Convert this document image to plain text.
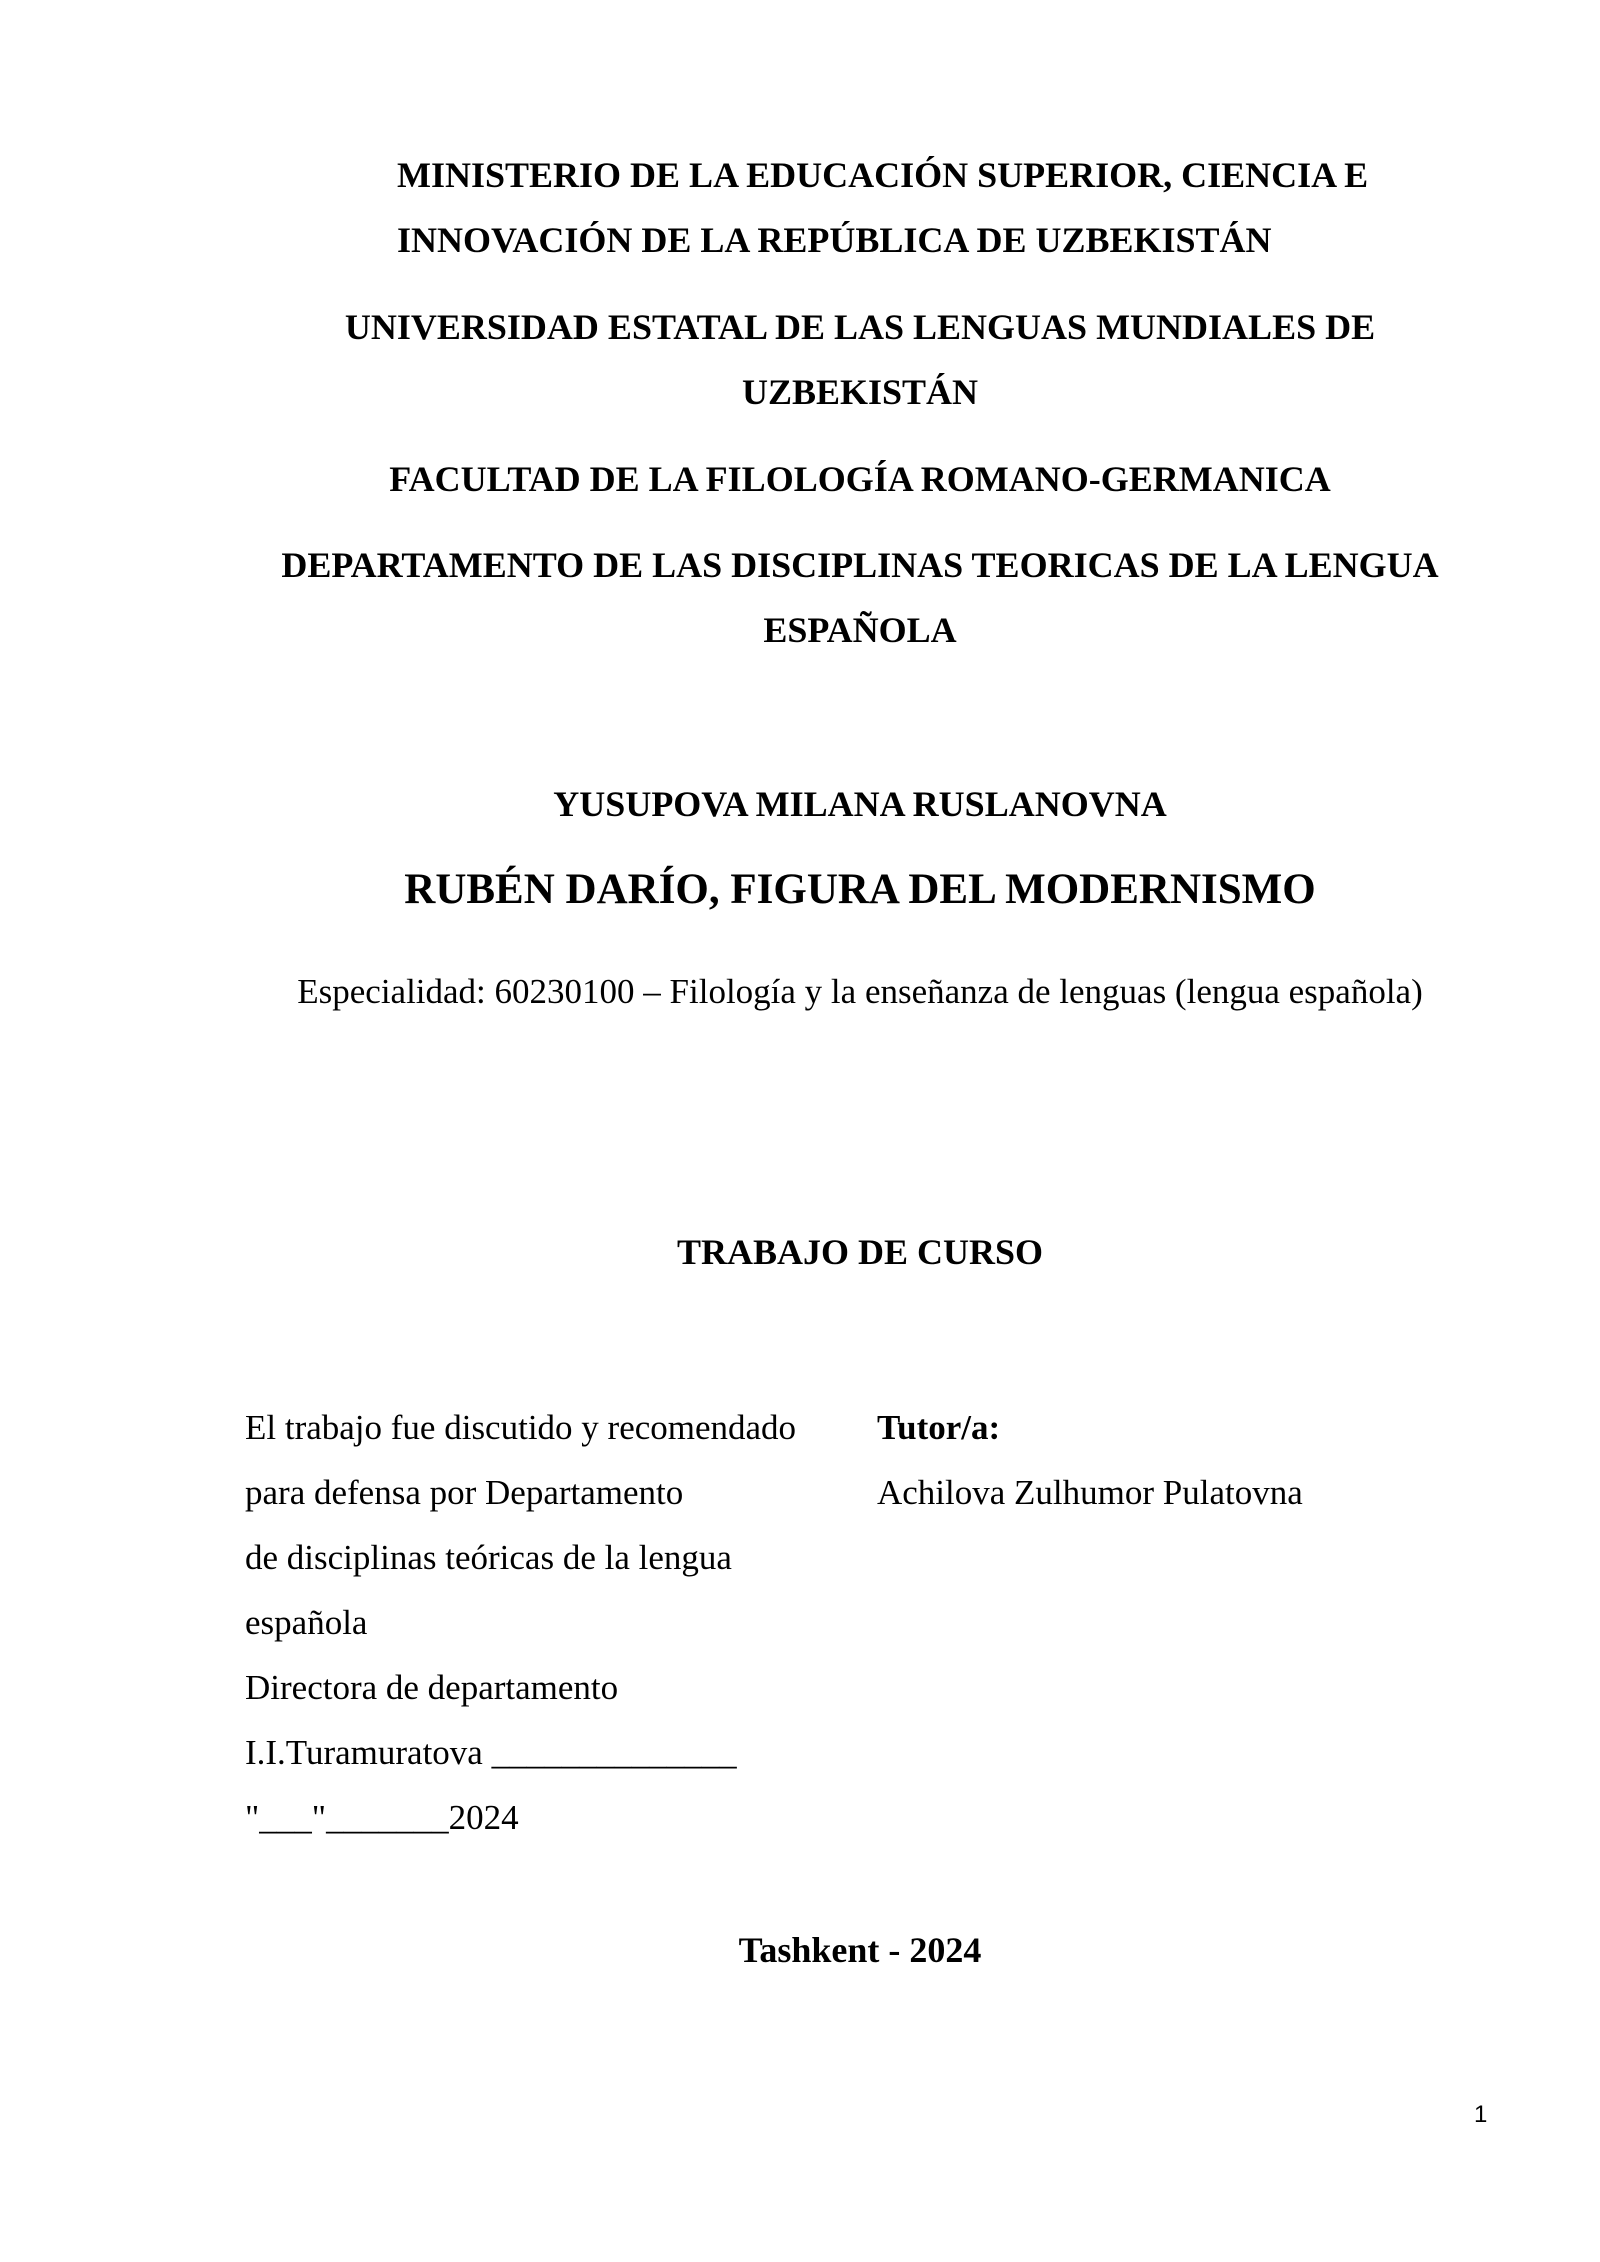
MINISTERIO DE LA EDUCACIÓN SUPERIOR, CIENCIA E
INNOVACIÓN DE LA REPÚBLICA DE UZBEKISTÁN
UNIVERSIDAD ESTATAL DE LAS LENGUAS MUNDIALES DE
UZBEKISTÁN
FACULTAD DE LA FILOLOGÍA ROMANO-GERMANICA
DEPARTAMENTO DE LAS DISCIPLINAS TEORICAS DE LA LENGUA
ESPAÑOLA
YUSUPOVA MILANA RUSLANOVNA
RUBÉN DARÍO, FIGURA DEL MODERNISMO
Especialidad: 60230100 – Filología y la enseñanza de lenguas (lengua española)
TRABAJO DE CURSO
El trabajo fue discutido y recomendado
para defensa por Departamento
de disciplinas teóricas de la lengua
española
Directora de departamento
I.I.Turamuratova ______________
"___"_______2024
Tutor/a:
Achilova Zulhumor Pulatovna
Tashkent - 2024
1
